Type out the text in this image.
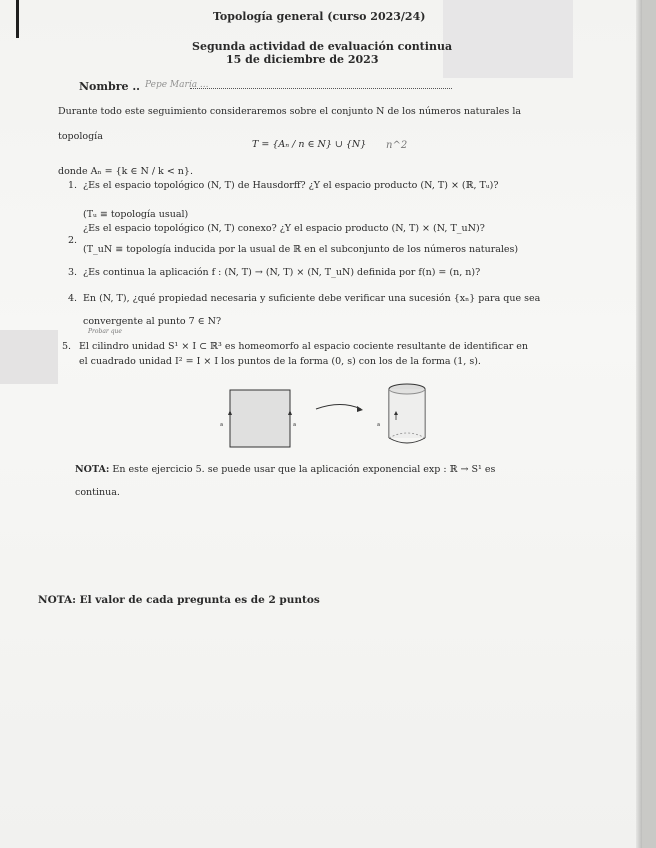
Topología general (curso 2023/24)
Segunda actividad de evaluación continua
15 de diciembre de 2023
Nombre .. Pepe María ...
Durante todo este seguimiento consideraremos sobre el conjunto N de los números naturales la
topología
T = {Aₙ / n ∈ N} ∪ {N} n^2
donde Aₙ = {k ∈ N / k < n}.
1. ¿Es el espacio topológico (N, T) de Hausdorff? ¿Y el espacio producto (N, T) × (ℝ, Tᵤ)?
(Tᵤ ≡ topología usual)
2.
¿Es el espacio topológico (N, T) conexo? ¿Y el espacio producto (N, T) × (N, T_uN)?
(T_uN ≡ topología inducida por la usual de ℝ en el subconjunto de los números naturales)
3. ¿Es continua la aplicación f : (N, T) → (N, T) × (N, T_uN) definida por f(n) = (n, n)?
4. En (N, T), ¿qué propiedad necesaria y suficiente debe verificar una sucesión {xₙ} para que sea
convergente al punto 7 ∈ N?
Probar que
5. El cilindro unidad S¹ × I ⊂ ℝ³ es homeomorfo al espacio cociente resultante de identificar en
el cuadrado unidad I² = I × I los puntos de la forma (0, s) con los de la forma (1, s).
a	a	a
NOTA: En este ejercicio 5. se puede usar que la aplicación exponencial exp : ℝ → S¹ es
continua.
NOTA: El valor de cada pregunta es de 2 puntos
